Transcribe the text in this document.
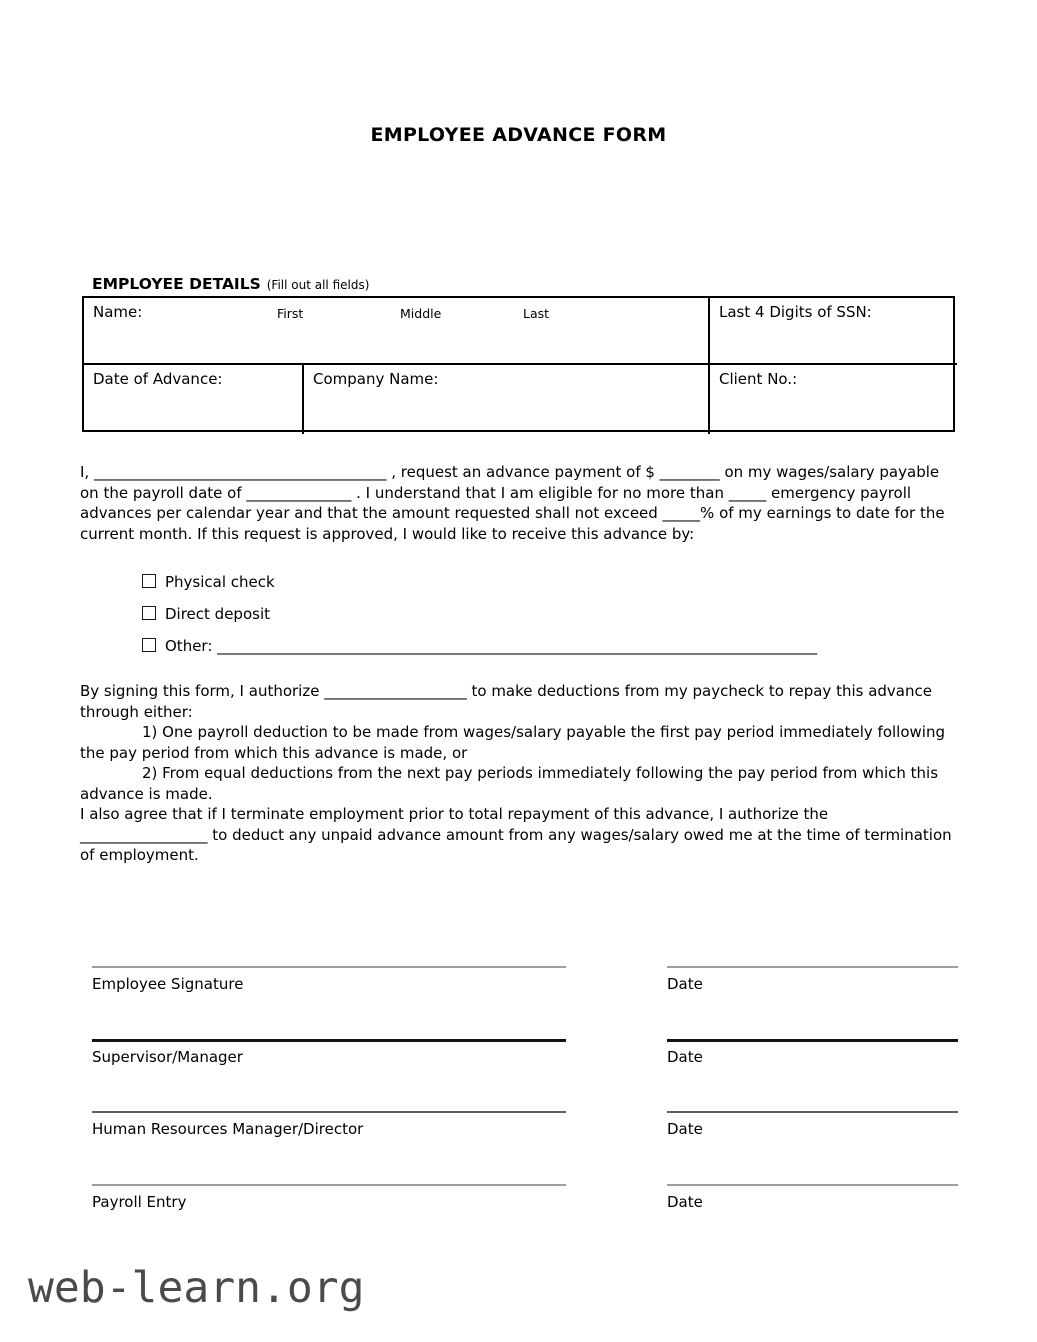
EMPLOYEE ADVANCE FORM
EMPLOYEE DETAILS (Fill out all fields)
Name:	First	Middle	Last	Last 4 Digits of SSN:
Date of Advance:	Company Name:	Client No.:
I, _______________________________________ , request an advance payment of $ ________ on my wages/salary payable
on the payroll date of ______________ . I understand that I am eligible for no more than _____ emergency payroll
advances per calendar year and that the amount requested shall not exceed _____% of my earnings to date for the
current month. If this request is approved, I would like to receive this advance by:
Physical check
Direct deposit
Other: ________________________________________________________________________________
By signing this form, I authorize ___________________ to make deductions from my paycheck to repay this advance
through either:
1) One payroll deduction to be made from wages/salary payable the first pay period immediately following
the pay period from which this advance is made, or
2) From equal deductions from the next pay periods immediately following the pay period from which this
advance is made.
I also agree that if I terminate employment prior to total repayment of this advance, I authorize the
_________________ to deduct any unpaid advance amount from any wages/salary owed me at the time of termination
of employment.
Employee Signature	Date
Supervisor/Manager	Date
Human Resources Manager/Director	Date
Payroll Entry	Date
web-learn.org
